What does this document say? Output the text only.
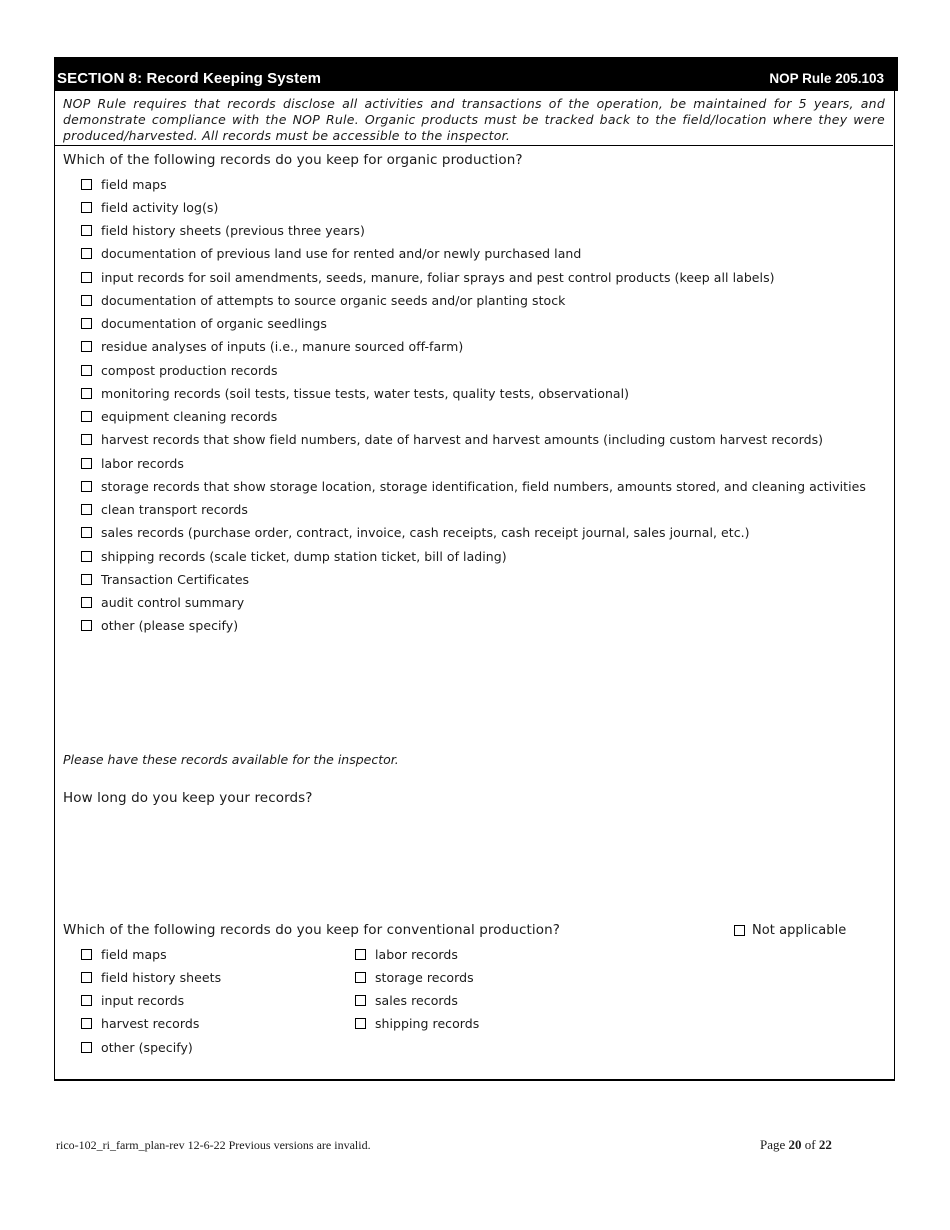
SECTION 8: Record Keeping System	NOP Rule 205.103
NOP Rule requires that records disclose all activities and transactions of the operation, be maintained for 5 years, and demonstrate compliance with the NOP Rule. Organic products must be tracked back to the field/location where they were produced/harvested. All records must be accessible to the inspector.
Which of the following records do you keep for organic production?
field maps
field activity log(s)
field history sheets (previous three years)
documentation of previous land use for rented and/or newly purchased land
input records for soil amendments, seeds, manure, foliar sprays and pest control products (keep all labels)
documentation of attempts to source organic seeds and/or planting stock
documentation of organic seedlings
residue analyses of inputs (i.e., manure sourced off-farm)
compost production records
monitoring records (soil tests, tissue tests, water tests, quality tests, observational)
equipment cleaning records
harvest records that show field numbers, date of harvest and harvest amounts (including custom harvest records)
labor records
storage records that show storage location, storage identification, field numbers, amounts stored, and cleaning activities
clean transport records
sales records (purchase order, contract, invoice, cash receipts, cash receipt journal, sales journal, etc.)
shipping records (scale ticket, dump station ticket, bill of lading)
Transaction Certificates
audit control summary
other (please specify)
Please have these records available for the inspector.
How long do you keep your records?
Which of the following records do you keep for conventional production?	Not applicable
field maps
field history sheets
input records
harvest records
other (specify)
labor records
storage records
sales records
shipping records
rico-102_ri_farm_plan-rev 12-6-22 Previous versions are invalid.	Page 20 of 22
